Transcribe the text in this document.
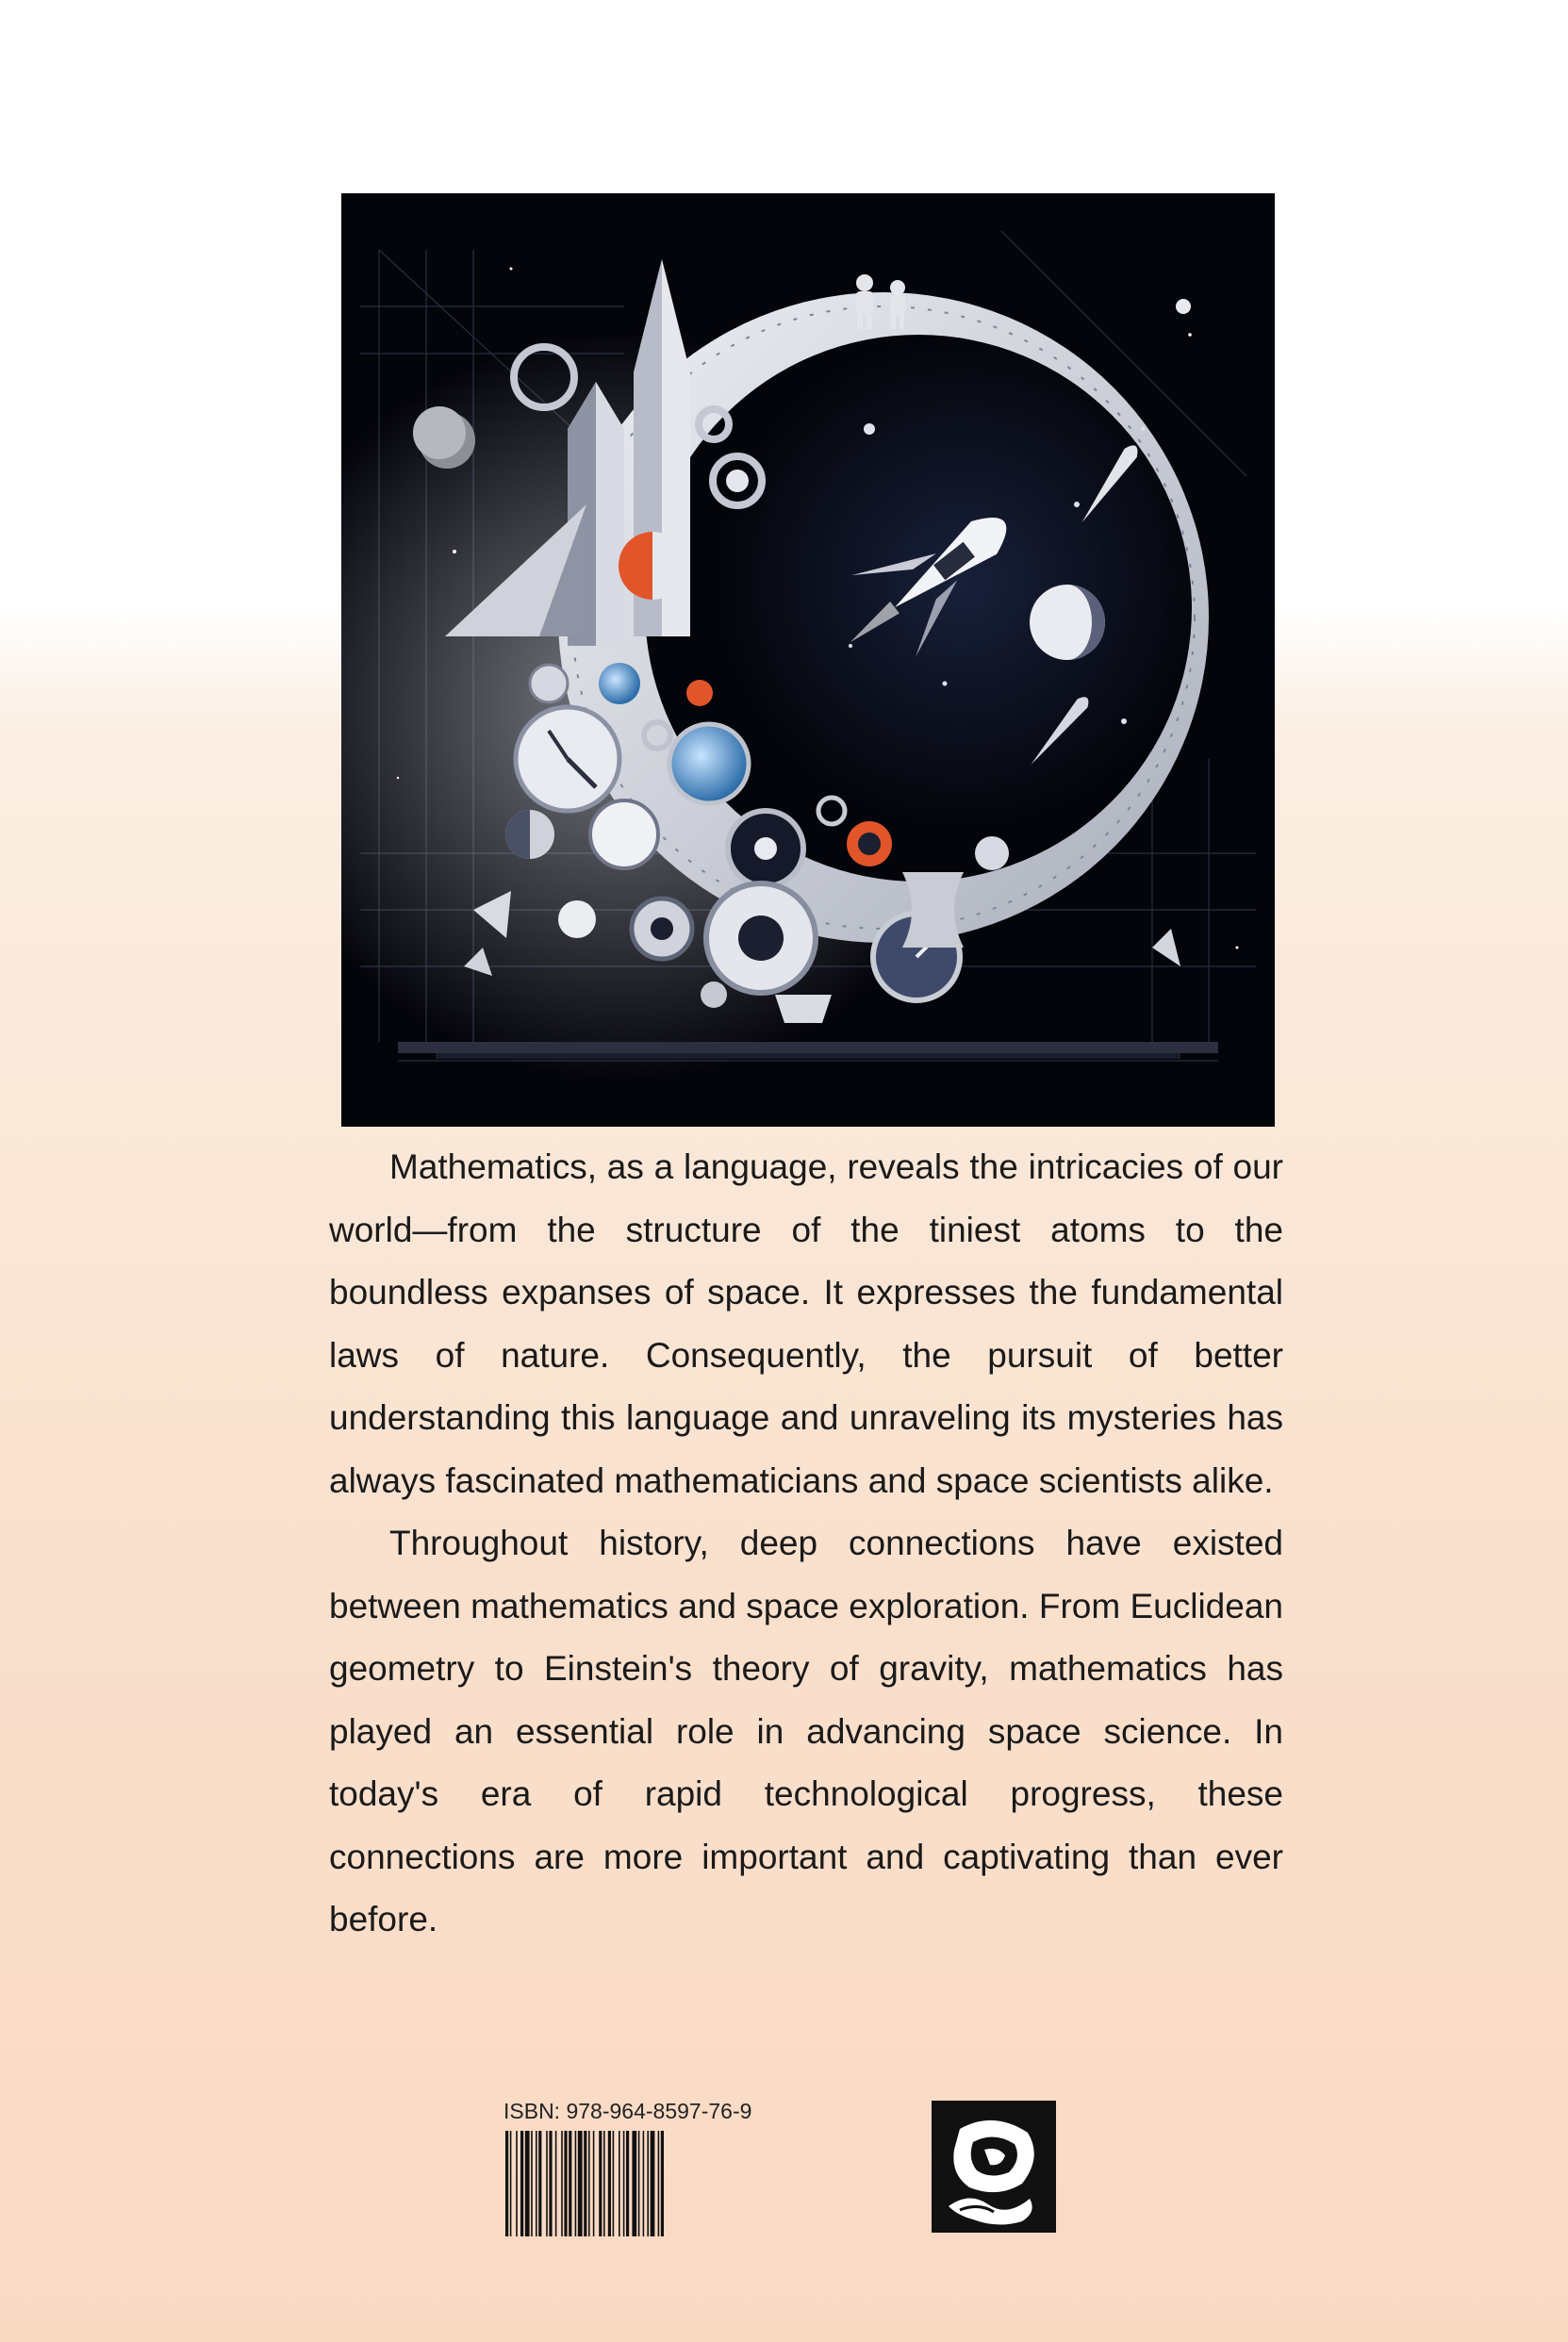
Mathematics, as a language, reveals the intricacies of our world—from the structure of the tiniest atoms to the boundless expanses of space. It expresses the fundamental laws of nature. Consequently, the pursuit of better understanding this language and unraveling its mysteries has always fascinated mathematicians and space scientists alike.

Throughout history, deep connections have existed between mathematics and space exploration. From Euclidean geometry to Einstein's theory of gravity, mathematics has played an essential role in advancing space science. In today's era of rapid technological progress, these connections are more important and captivating than ever before.

ISBN: 978-964-8597-76-9
